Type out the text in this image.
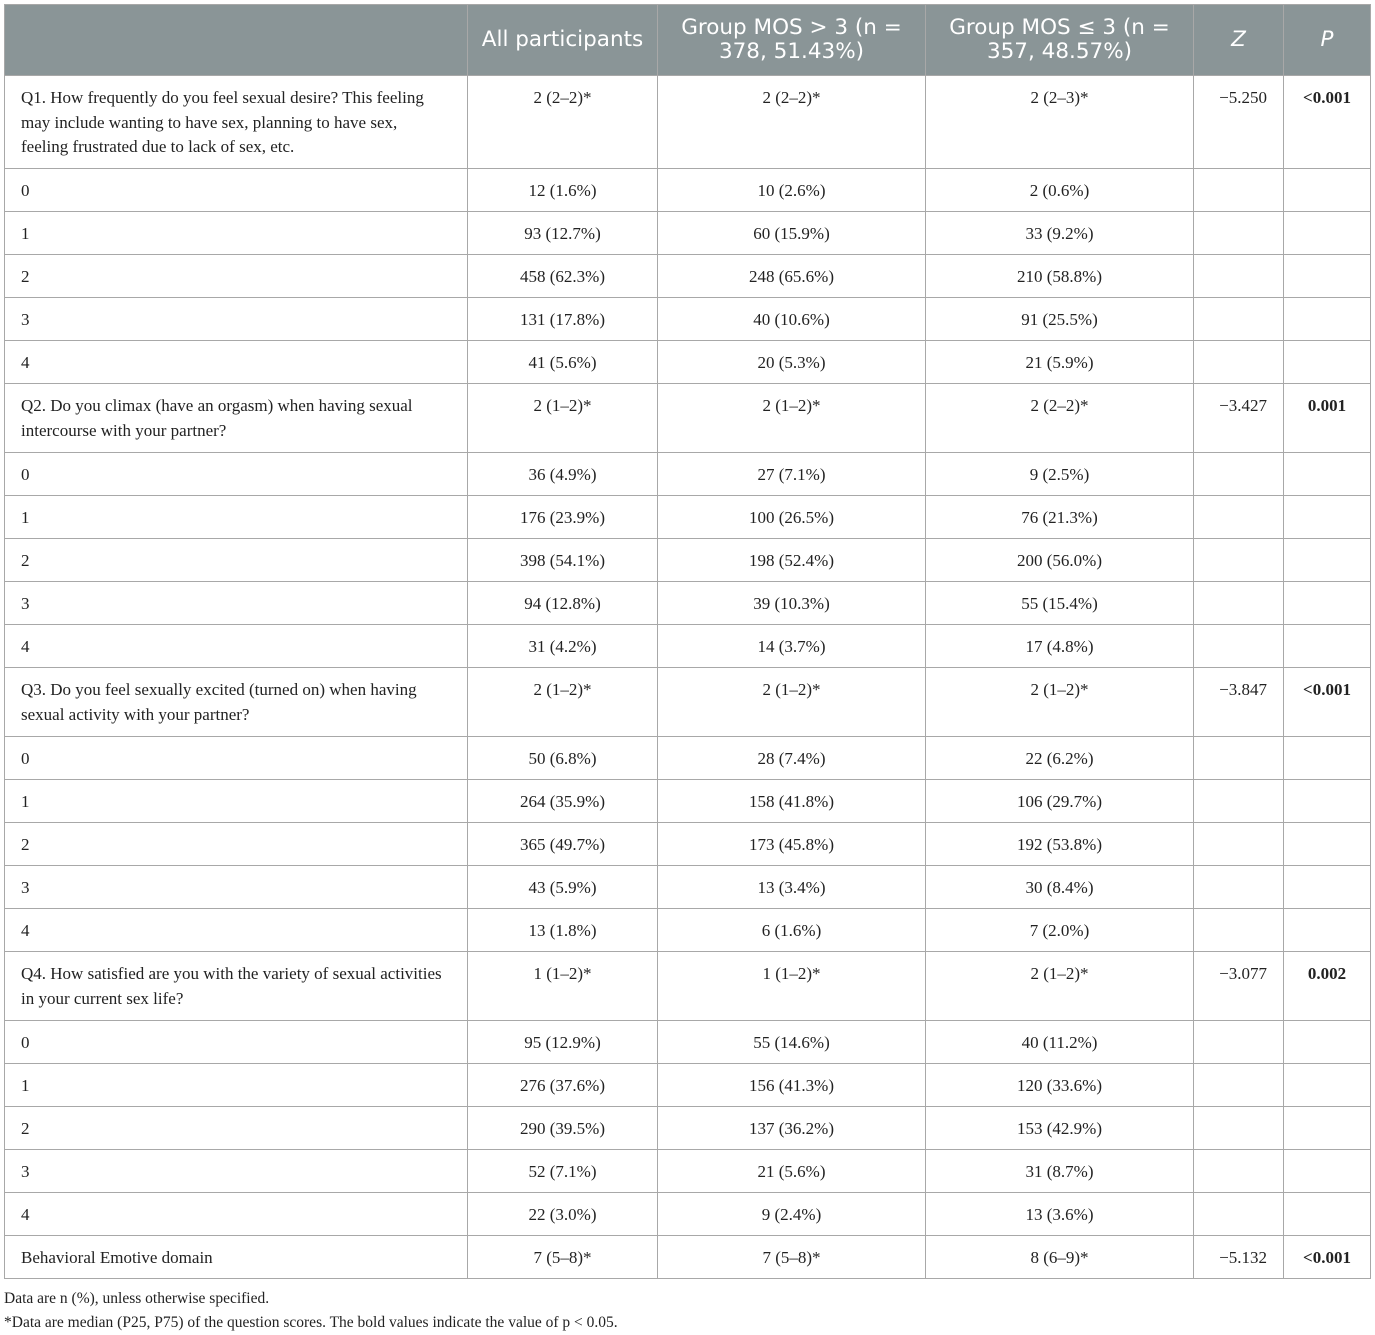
	All participants	Group MOS > 3 (n = 378, 51.43%)	Group MOS ≤ 3 (n = 357, 48.57%)	Z	P
Q1. How frequently do you feel sexual desire? This feeling may include wanting to have sex, planning to have sex, feeling frustrated due to lack of sex, etc.	2 (2–2)*	2 (2–2)*	2 (2–3)*	−5.250	<0.001
0	12 (1.6%)	10 (2.6%)	2 (0.6%)		
1	93 (12.7%)	60 (15.9%)	33 (9.2%)		
2	458 (62.3%)	248 (65.6%)	210 (58.8%)		
3	131 (17.8%)	40 (10.6%)	91 (25.5%)		
4	41 (5.6%)	20 (5.3%)	21 (5.9%)		
Q2. Do you climax (have an orgasm) when having sexual intercourse with your partner?	2 (1–2)*	2 (1–2)*	2 (2–2)*	−3.427	0.001
0	36 (4.9%)	27 (7.1%)	9 (2.5%)		
1	176 (23.9%)	100 (26.5%)	76 (21.3%)		
2	398 (54.1%)	198 (52.4%)	200 (56.0%)		
3	94 (12.8%)	39 (10.3%)	55 (15.4%)		
4	31 (4.2%)	14 (3.7%)	17 (4.8%)		
Q3. Do you feel sexually excited (turned on) when having sexual activity with your partner?	2 (1–2)*	2 (1–2)*	2 (1–2)*	−3.847	<0.001
0	50 (6.8%)	28 (7.4%)	22 (6.2%)		
1	264 (35.9%)	158 (41.8%)	106 (29.7%)		
2	365 (49.7%)	173 (45.8%)	192 (53.8%)		
3	43 (5.9%)	13 (3.4%)	30 (8.4%)		
4	13 (1.8%)	6 (1.6%)	7 (2.0%)		
Q4. How satisfied are you with the variety of sexual activities in your current sex life?	1 (1–2)*	1 (1–2)*	2 (1–2)*	−3.077	0.002
0	95 (12.9%)	55 (14.6%)	40 (11.2%)		
1	276 (37.6%)	156 (41.3%)	120 (33.6%)		
2	290 (39.5%)	137 (36.2%)	153 (42.9%)		
3	52 (7.1%)	21 (5.6%)	31 (8.7%)		
4	22 (3.0%)	9 (2.4%)	13 (3.6%)		
Behavioral Emotive domain	7 (5–8)*	7 (5–8)*	8 (6–9)*	−5.132	<0.001
Data are n (%), unless otherwise specified.
*Data are median (P25, P75) of the question scores. The bold values indicate the value of p < 0.05.
